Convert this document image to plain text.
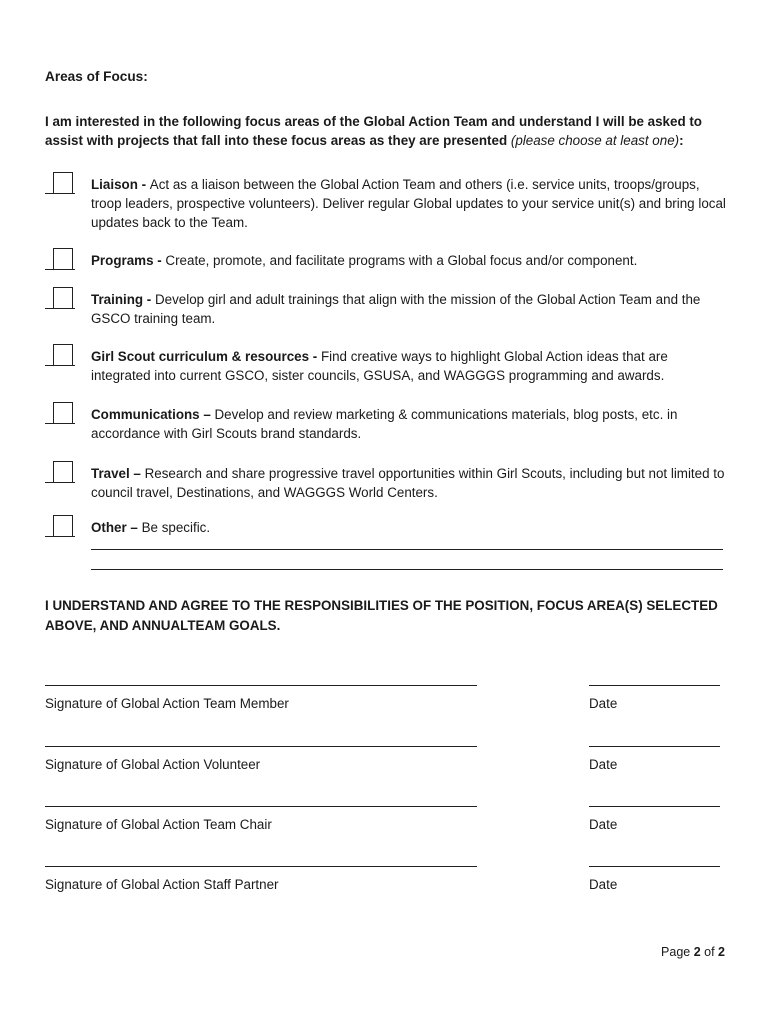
Areas of Focus:
I am interested in the following focus areas of the Global Action Team and understand I will be asked to assist with projects that fall into these focus areas as they are presented (please choose at least one):
Liaison - Act as a liaison between the Global Action Team and others (i.e. service units, troops/groups, troop leaders, prospective volunteers). Deliver regular Global updates to your service unit(s) and bring local updates back to the Team.
Programs - Create, promote, and facilitate programs with a Global focus and/or component.
Training - Develop girl and adult trainings that align with the mission of the Global Action Team and the GSCO training team.
Girl Scout curriculum & resources - Find creative ways to highlight Global Action ideas that are integrated into current GSCO, sister councils, GSUSA, and WAGGGS programming and awards.
Communications – Develop and review marketing & communications materials, blog posts, etc. in accordance with Girl Scouts brand standards.
Travel – Research and share progressive travel opportunities within Girl Scouts, including but not limited to council travel, Destinations, and WAGGGS World Centers.
Other – Be specific.
I UNDERSTAND AND AGREE TO THE RESPONSIBILITIES OF THE POSITION, FOCUS AREA(S) SELECTED ABOVE, AND ANNUALTEAM GOALS.
Signature of Global Action Team Member	Date
Signature of Global Action Volunteer	Date
Signature of Global Action Team Chair	Date
Signature of Global Action Staff Partner	Date
Page 2 of 2
